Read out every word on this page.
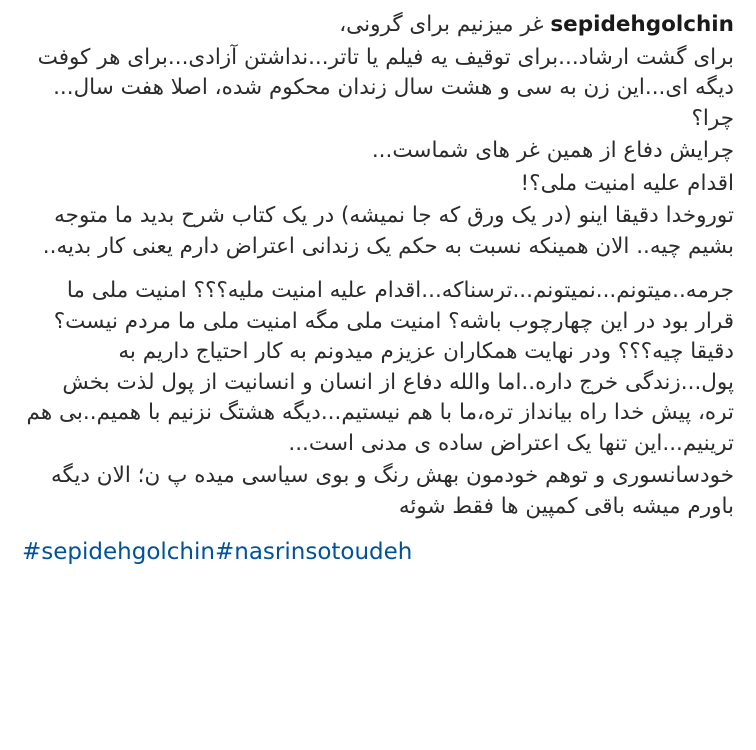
sepidehgolchin غر میزنیم برای گرونی،

برای گشت ارشاد...برای توقیف یه فیلم یا تاتر...نداشتن آزادی...برای هر کوفت دیگه ای...این زن به سی و هشت سال زندان محکوم شده، اصلا هفت سال... چرا؟

چرایش دفاع از همین غر های شماست...

اقدام علیه امنیت ملی؟!

توروخدا دقیقا اینو (در یک ورق که جا نمیشه) در یک کتاب شرح بدید ما متوجه بشیم چیه.. الان همینکه نسبت به حکم یک زندانی اعتراض دارم یعنی کار بدیه..

جرمه..میتونم...نمیتونم...ترسناکه...اقدام علیه امنیت ملیه؟؟؟ امنیت ملی ما قرار بود در این چهارچوب باشه؟ امنیت ملی مگه امنیت ملی ما مردم نیست؟ دقیقا چیه؟؟؟ ودر نهایت همکاران عزیزم میدونم به کار احتیاج داریم به پول...زندگی خرج داره..اما والله دفاع از انسان و انسانیت از پول لذت بخش تره، پیش خدا راه بیانداز تره،ما با هم نیستیم...دیگه هشتگ نزنیم با همیم..بی هم ترینیم...این تنها یک اعتراض ساده ی مدنی است...

خودسانسوری و توهم خودمون بهش رنگ و بوی سیاسی میده پ ن؛ الان دیگه باورم میشه باقی کمپین ها فقط شوئه

#sepidehgolchin#nasrinsotoudeh
